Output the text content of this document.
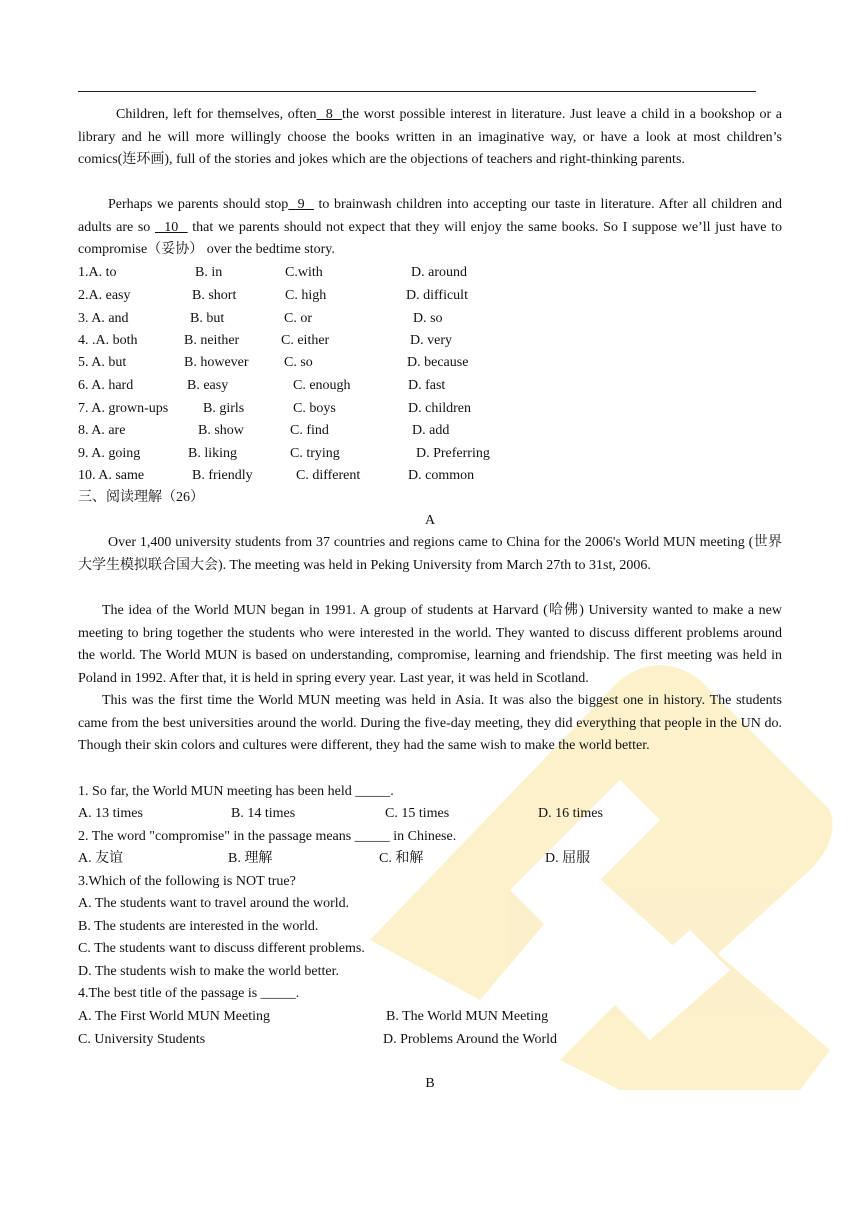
Children, left for themselves, often  8  the worst possible interest in literature. Just leave a child in a bookshop or a library and he will more willingly choose the books written in an imaginative way, or have a look at most children’s comics(连环画), full of the stories and jokes which are the objections of teachers and right-thinking parents.

Perhaps we parents should stop  9   to brainwash children into accepting our taste in literature. After all children and adults are so   10   that we parents should not expect that they will enjoy the same books. So I suppose we’ll just have to compromise（妥协） over the bedtime story.

1.A. to	B. in	C.with	D. around
2.A. easy	B. short	C. high	D. difficult
3. A. and	B. but	C. or	D. so
4. .A. both	B. neither	C. either	D. very
5. A. but	B. however	C. so	D. because
6. A. hard	B. easy	C. enough	D. fast
7. A. grown-ups B. girls	C. boys	D. children
8. A. are	B. show	C. find	D. add
9. A. going	B. liking	C. trying	D. Preferring
10. A. same	B. friendly	C. different	D. common
三、阅读理解（26）
A

Over 1,400 university students from 37 countries and regions came to China for the 2006's World MUN meeting (世界大学生模拟联合国大会). The meeting was held in Peking University from March 27th to 31st, 2006.

The idea of the World MUN began in 1991. A group of students at Harvard (哈佛) University wanted to make a new meeting to bring together the students who were interested in the world. They wanted to discuss different problems around the world. The World MUN is based on understanding, compromise, learning and friendship. The first meeting was held in Poland in 1992. After that, it is held in spring every year. Last year, it was held in Scotland.

This was the first time the World MUN meeting was held in Asia. It was also the biggest one in history. The students came from the best universities around the world. During the five-day meeting, they did everything that people in the UN do. Though their skin colors and cultures were different, they had the same wish to make the world better.

1. So far, the World MUN meeting has been held _____.
A. 13 times	B. 14 times	C. 15 times	D. 16 times
2. The word "compromise" in the passage means _____ in Chinese.
A. 友谊	B. 理解	C. 和解	D. 屈服
3.Which of the following is NOT true?
A. The students want to travel around the world.
B. The students are interested in the world.
C. The students want to discuss different problems.
D. The students wish to make the world better.
4.The best title of the passage is _____.
A. The First World MUN Meeting	B. The World MUN Meeting
C. University Students	D. Problems Around the World
B
